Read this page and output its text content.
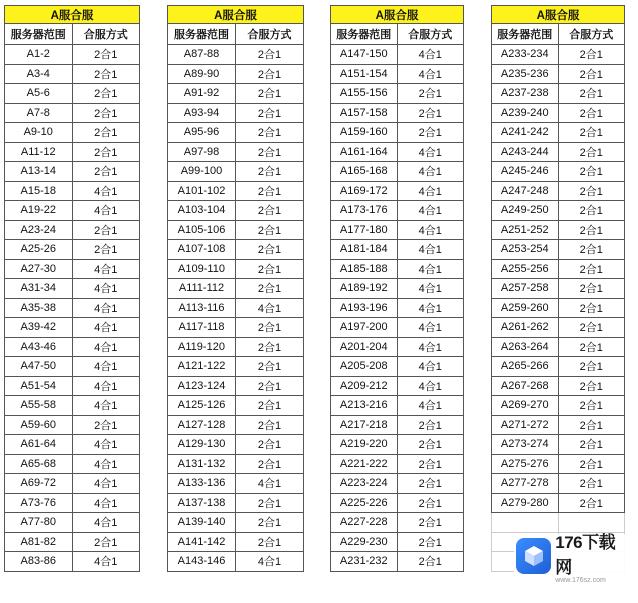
A服合服	
服务器范围	合服方式
A1-2	2合1
A3-4	2合1
A5-6	2合1
A7-8	2合1
A9-10	2合1
A11-12	2合1
A13-14	2合1
A15-18	4合1
A19-22	4合1
A23-24	2合1
A25-26	2合1
A27-30	4合1
A31-34	4合1
A35-38	4合1
A39-42	4合1
A43-46	4合1
A47-50	4合1
A51-54	4合1
A55-58	4合1
A59-60	2合1
A61-64	4合1
A65-68	4合1
A69-72	4合1
A73-76	4合1
A77-80	4合1
A81-82	2合1
A83-86	4合1
A服合服	
服务器范围	合服方式
A87-88	2合1
A89-90	2合1
A91-92	2合1
A93-94	2合1
A95-96	2合1
A97-98	2合1
A99-100	2合1
A101-102	2合1
A103-104	2合1
A105-106	2合1
A107-108	2合1
A109-110	2合1
A111-112	2合1
A113-116	4合1
A117-118	2合1
A119-120	2合1
A121-122	2合1
A123-124	2合1
A125-126	2合1
A127-128	2合1
A129-130	2合1
A131-132	2合1
A133-136	4合1
A137-138	2合1
A139-140	2合1
A141-142	2合1
A143-146	4合1
A服合服	
服务器范围	合服方式
A147-150	4合1
A151-154	4合1
A155-156	2合1
A157-158	2合1
A159-160	2合1
A161-164	4合1
A165-168	4合1
A169-172	4合1
A173-176	4合1
A177-180	4合1
A181-184	4合1
A185-188	4合1
A189-192	4合1
A193-196	4合1
A197-200	4合1
A201-204	4合1
A205-208	4合1
A209-212	4合1
A213-216	4合1
A217-218	2合1
A219-220	2合1
A221-222	2合1
A223-224	2合1
A225-226	2合1
A227-228	2合1
A229-230	2合1
A231-232	2合1
A服合服	
服务器范围	合服方式
A233-234	2合1
A235-236	2合1
A237-238	2合1
A239-240	2合1
A241-242	2合1
A243-244	2合1
A245-246	2合1
A247-248	2合1
A249-250	2合1
A251-252	2合1
A253-254	2合1
A255-256	2合1
A257-258	2合1
A259-260	2合1
A261-262	2合1
A263-264	2合1
A265-266	2合1
A267-268	2合1
A269-270	2合1
A271-272	2合1
A273-274	2合1
A275-276	2合1
A277-278	2合1
A279-280	2合1

176下载网
www.176sz.com
